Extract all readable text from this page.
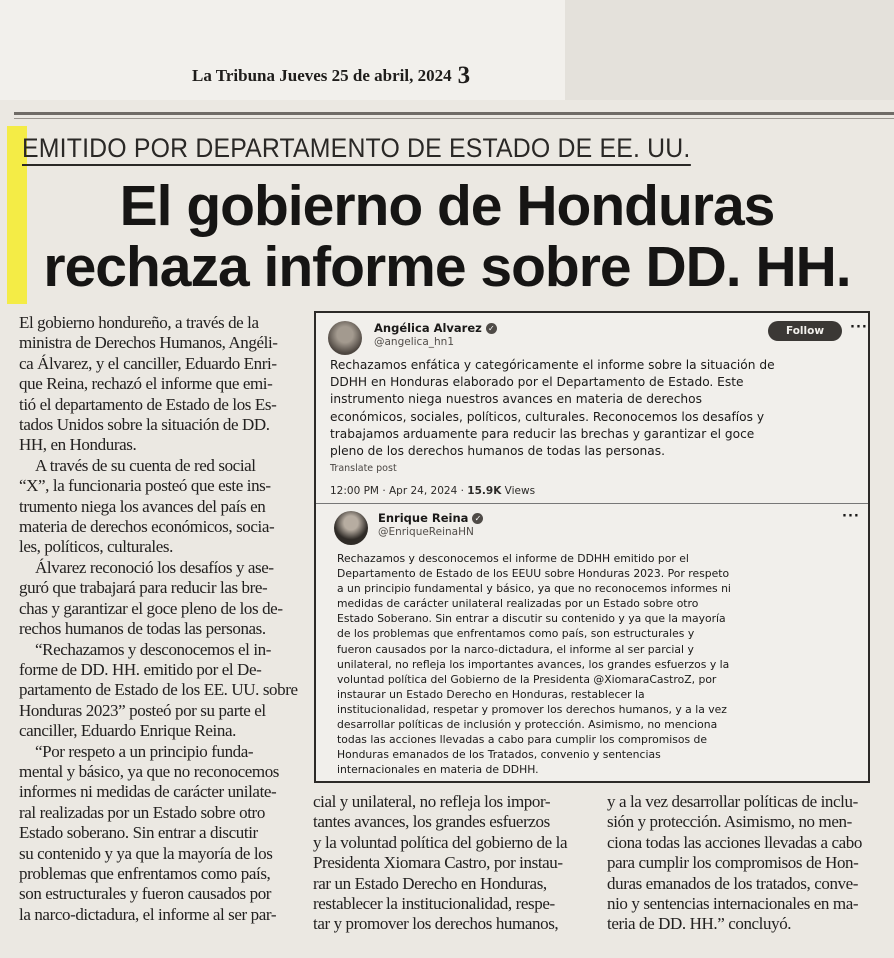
La Tribuna Jueves 25 de abril, 2024 3
EMITIDO POR DEPARTAMENTO DE ESTADO DE EE. UU.
El gobierno de Honduras
rechaza informe sobre DD. HH.
El gobierno hondureño, a través de la
ministra de Derechos Humanos, Angéli-
ca Álvarez, y el canciller, Eduardo Enri-
que Reina, rechazó el informe que emi-
tió el departamento de Estado de los Es-
tados Unidos sobre la situación de DD.
HH, en Honduras.
A través de su cuenta de red social
“X”, la funcionaria posteó que este ins-
trumento niega los avances del país en
materia de derechos económicos, socia-
les, políticos, culturales.
Álvarez reconoció los desafíos y ase-
guró que trabajará para reducir las bre-
chas y garantizar el goce pleno de los de-
rechos humanos de todas las personas.
“Rechazamos y desconocemos el in-
forme de DD. HH. emitido por el De-
partamento de Estado de los EE. UU. sobre
Honduras 2023” posteó por su parte el
canciller, Eduardo Enrique Reina.
“Por respeto a un principio funda-
mental y básico, ya que no reconocemos
informes ni medidas de carácter unilate-
ral realizadas por un Estado sobre otro
Estado soberano. Sin entrar a discutir
su contenido y ya que la mayoría de los
problemas que enfrentamos como país,
son estructurales y fueron causados por
la narco-dictadura, el informe al ser par-
cial y unilateral, no refleja los impor-
tantes avances, los grandes esfuerzos
y la voluntad política del gobierno de la
Presidenta Xiomara Castro, por instau-
rar un Estado Derecho en Honduras,
restablecer la institucionalidad, respe-
tar y promover los derechos humanos,
y a la vez desarrollar políticas de inclu-
sión y protección. Asimismo, no men-
ciona todas las acciones llevadas a cabo
para cumplir los compromisos de Hon-
duras emanados de los tratados, conve-
nio y sentencias internacionales en ma-
teria de DD. HH.” concluyó.
Angélica Alvarez ✓
@angelica_hn1
Follow	···
Rechazamos enfática y categóricamente el informe sobre la situación de
DDHH en Honduras elaborado por el Departamento de Estado. Este
instrumento niega nuestros avances en materia de derechos
económicos, sociales, políticos, culturales. Reconocemos los desafíos y
trabajamos arduamente para reducir las brechas y garantizar el goce
pleno de los derechos humanos de todas las personas.
Translate post
12:00 PM · Apr 24, 2024 · 15.9K Views
Enrique Reina ✓
@EnriqueReinaHN
···
Rechazamos y desconocemos el informe de DDHH emitido por el
Departamento de Estado de los EEUU sobre Honduras 2023. Por respeto
a un principio fundamental y básico, ya que no reconocemos informes ni
medidas de carácter unilateral realizadas por un Estado sobre otro
Estado Soberano. Sin entrar a discutir su contenido y ya que la mayoría
de los problemas que enfrentamos como país, son estructurales y
fueron causados por la narco-dictadura, el informe al ser parcial y
unilateral, no refleja los importantes avances, los grandes esfuerzos y la
voluntad política del Gobierno de la Presidenta @XiomaraCastroZ, por
instaurar un Estado Derecho en Honduras, restablecer la
institucionalidad, respetar y promover los derechos humanos, y a la vez
desarrollar políticas de inclusión y protección. Asimismo, no menciona
todas las acciones llevadas a cabo para cumplir los compromisos de
Honduras emanados de los Tratados, convenio y sentencias
internacionales en materia de DDHH.
